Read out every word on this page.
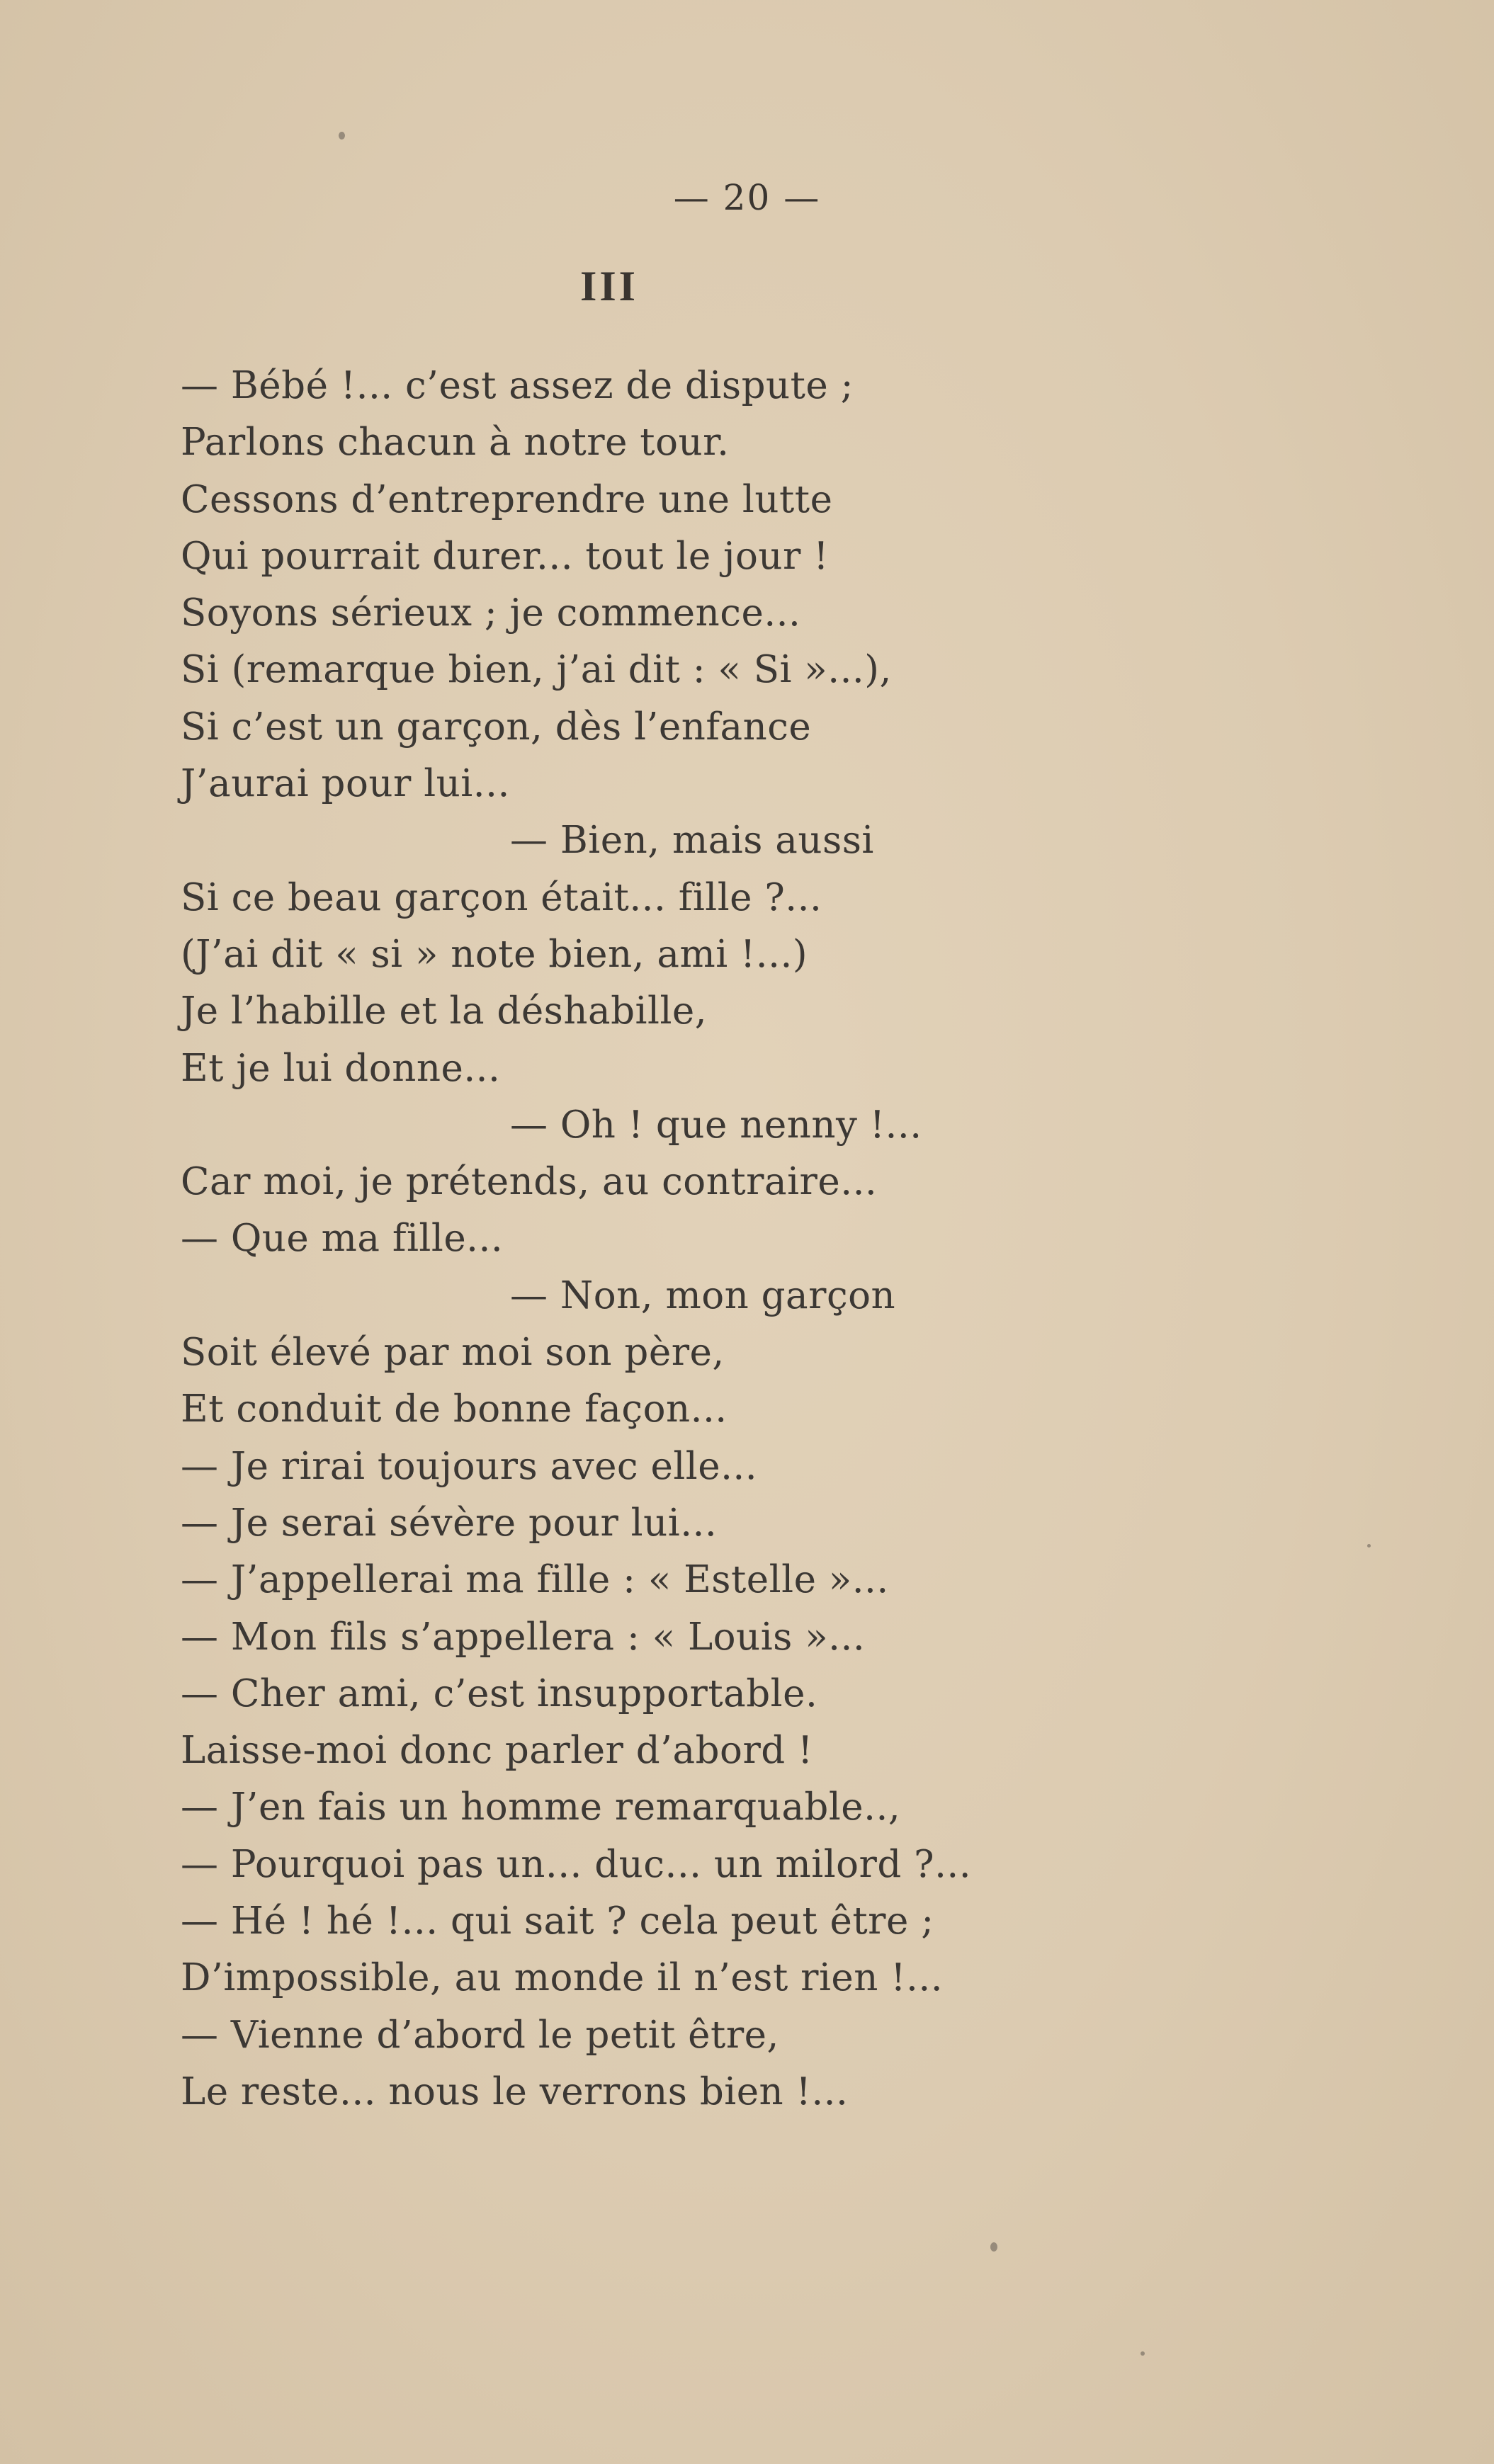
— 20 —
III
— Bébé !... c’est assez de dispute ;
Parlons chacun à notre tour.
Cessons d’entreprendre une lutte
Qui pourrait durer... tout le jour !
Soyons sérieux ; je commence...
Si (remarque bien, j’ai dit : « Si »...),
Si c’est un garçon, dès l’enfance
J’aurai pour lui...
— Bien, mais aussi
Si ce beau garçon était... fille ?...
(J’ai dit « si » note bien, ami !...)
Je l’habille et la déshabille,
Et je lui donne...
— Oh ! que nenny !...
Car moi, je prétends, au contraire...
— Que ma fille...
— Non, mon garçon
Soit élevé par moi son père,
Et conduit de bonne façon...
— Je rirai toujours avec elle...
— Je serai sévère pour lui...
— J’appellerai ma fille : « Estelle »...
— Mon fils s’appellera : « Louis »...
— Cher ami, c’est insupportable.
Laisse-moi donc parler d’abord !
— J’en fais un homme remarquable..,
— Pourquoi pas un... duc... un milord ?...
— Hé ! hé !... qui sait ? cela peut être ;
D’impossible, au monde il n’est rien !...
— Vienne d’abord le petit être,
Le reste... nous le verrons bien !...
